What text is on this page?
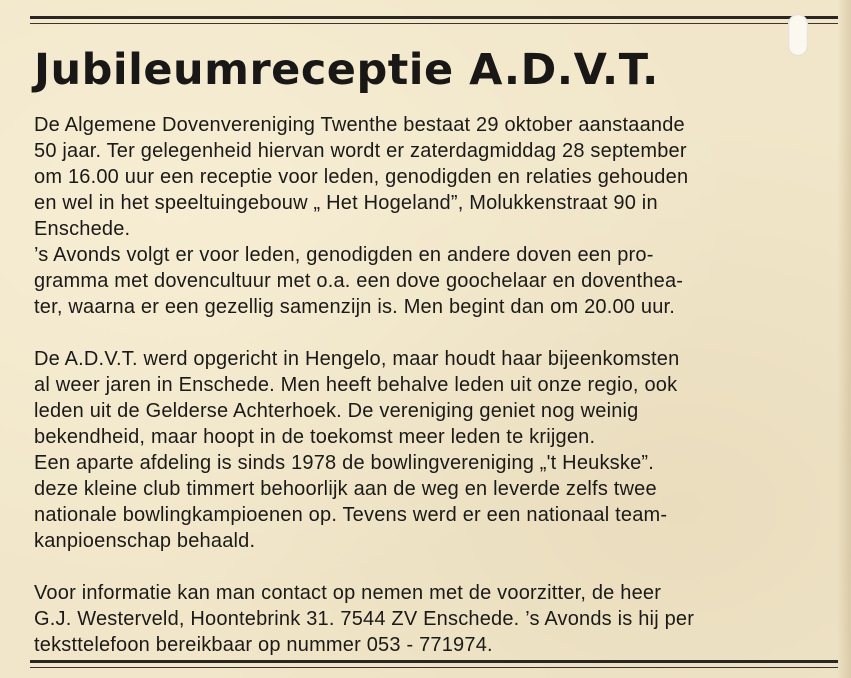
Jubileumreceptie A.D.V.T.
De Algemene Dovenvereniging Twenthe bestaat 29 oktober aanstaande
50 jaar. Ter gelegenheid hiervan wordt er zaterdagmiddag 28 september
om 16.00 uur een receptie voor leden, genodigden en relaties gehouden
en wel in het speeltuingebouw „ Het Hogeland”, Molukkenstraat 90 in
Enschede.
’s Avonds volgt er voor leden, genodigden en andere doven een pro-
gramma met dovencultuur met o.a. een dove goochelaar en doventhea-
ter, waarna er een gezellig samenzijn is. Men begint dan om 20.00 uur.
De A.D.V.T. werd opgericht in Hengelo, maar houdt haar bijeenkomsten
al weer jaren in Enschede. Men heeft behalve leden uit onze regio, ook
leden uit de Gelderse Achterhoek. De vereniging geniet nog weinig
bekendheid, maar hoopt in de toekomst meer leden te krijgen.
Een aparte afdeling is sinds 1978 de bowlingvereniging „'t Heukske”.
deze kleine club timmert behoorlijk aan de weg en leverde zelfs twee
nationale bowlingkampioenen op. Tevens werd er een nationaal team-
kanpioenschap behaald.
Voor informatie kan man contact op nemen met de voorzitter, de heer
G.J. Westerveld, Hoontebrink 31. 7544 ZV Enschede. ’s Avonds is hij per
teksttelefoon bereikbaar op nummer 053 - 771974.
